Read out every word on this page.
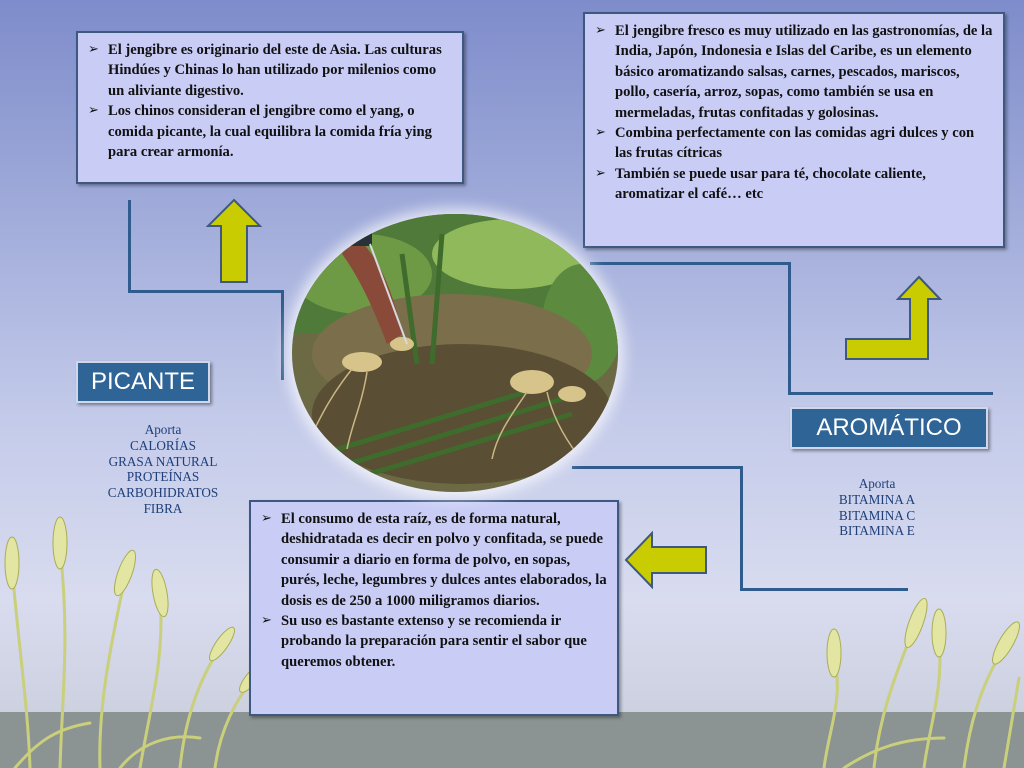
➢ El jengibre es originario del este de Asia. Las culturas Hindúes y Chinas lo han utilizado por milenios como un aliviante digestivo.
➢ Los chinos consideran el jengibre como el yang, o comida picante, la cual equilibra la comida fría ying para crear armonía.
➢ El jengibre fresco es muy utilizado en las gastronomías, de la India, Japón, Indonesia e Islas del Caribe, es un elemento básico aromatizando salsas, carnes, pescados, mariscos, pollo, casería, arroz, sopas, como también se usa en mermeladas, frutas confitadas y golosinas.
➢ Combina perfectamente con las comidas agri dulces y con las frutas cítricas
➢ También se puede usar para té, chocolate caliente, aromatizar el café… etc
➢ El consumo de esta raíz, es de forma natural, deshidratada es decir en polvo y confitada, se puede consumir a diario en forma de polvo, en sopas, purés, leche, legumbres y dulces antes elaborados, la dosis es de 250 a 1000 miligramos diarios.
➢ Su uso es bastante extenso y se recomienda ir probando la preparación para sentir el sabor que queremos obtener.
PICANTE
AROMÁTICO
Aporta
CALORÍAS
GRASA NATURAL
PROTEÍNAS
CARBOHIDRATOS
FIBRA
Aporta
BITAMINA A
BITAMINA C
BITAMINA E
